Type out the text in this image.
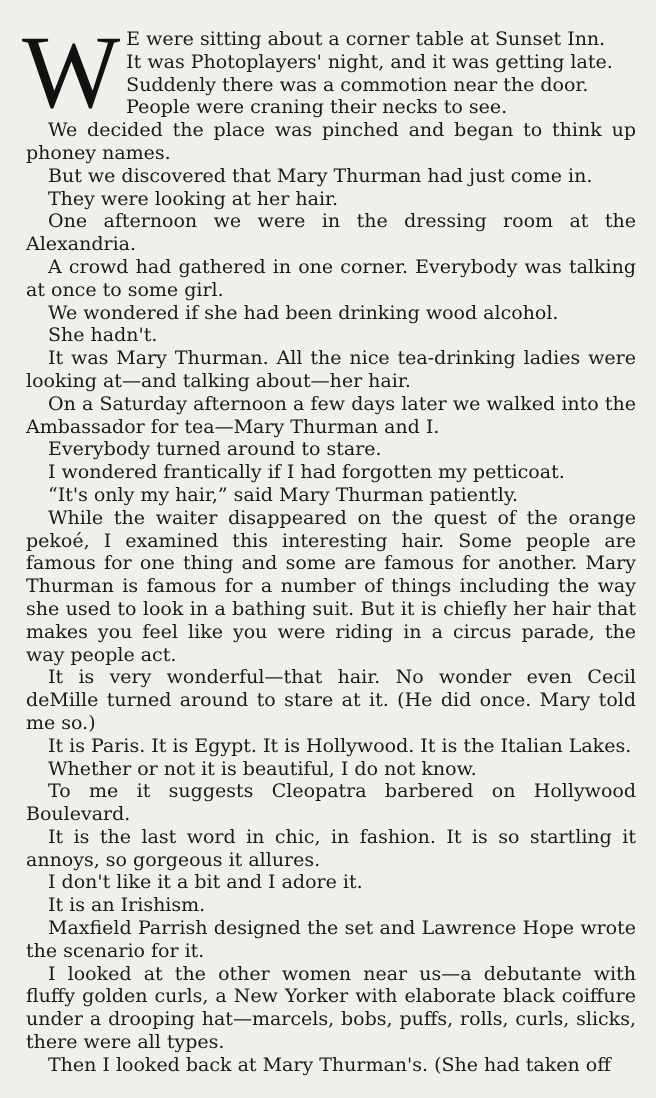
W E were sitting about a corner table at Sunset Inn.

It was Photoplayers' night, and it was getting late.

Suddenly there was a commotion near the door.

People were craning their necks to see.

We decided the place was pinched and began to think up phoney names.

But we discovered that Mary Thurman had just come in.

They were looking at her hair.

One afternoon we were in the dressing room at the Alexandria.

A crowd had gathered in one corner. Everybody was talking at once to some girl.

We wondered if she had been drinking wood alcohol.

She hadn't.

It was Mary Thurman. All the nice tea-drinking ladies were looking at—and talking about—her hair.

On a Saturday afternoon a few days later we walked into the Ambassador for tea—Mary Thurman and I.

Everybody turned around to stare.

I wondered frantically if I had forgotten my petticoat.

“It's only my hair,” said Mary Thurman patiently.

While the waiter disappeared on the quest of the orange pekoé, I examined this interesting hair. Some people are famous for one thing and some are famous for another. Mary Thurman is famous for a number of things including the way she used to look in a bathing suit. But it is chiefly her hair that makes you feel like you were riding in a circus parade, the way people act.

It is very wonderful—that hair. No wonder even Cecil deMille turned around to stare at it. (He did once. Mary told me so.)

It is Paris. It is Egypt. It is Hollywood. It is the Italian Lakes.

Whether or not it is beautiful, I do not know.

To me it suggests Cleopatra barbered on Hollywood Boulevard.

It is the last word in chic, in fashion. It is so startling it annoys, so gorgeous it allures.

I don't like it a bit and I adore it.

It is an Irishism.

Maxfield Parrish designed the set and Lawrence Hope wrote the scenario for it.

I looked at the other women near us—a debutante with fluffy golden curls, a New Yorker with elaborate black coiffure under a drooping hat—marcels, bobs, puffs, rolls, curls, slicks, there were all types.

Then I looked back at Mary Thurman's. (She had taken off
